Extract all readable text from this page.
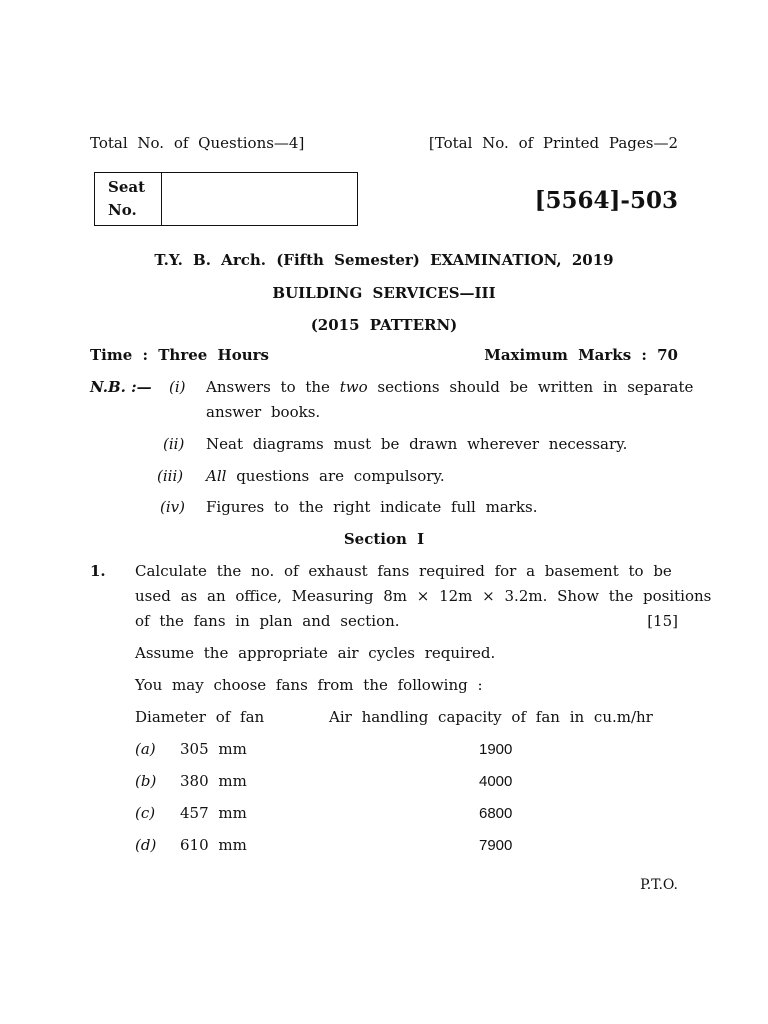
Total No. of Questions—4]	[Total No. of Printed Pages—2
Seat
No.	[5564]-503
T.Y. B. Arch. (Fifth Semester) EXAMINATION, 2019
BUILDING SERVICES—III
(2015 PATTERN)
Time : Three Hours	Maximum Marks : 70
N.B. :— (i) Answers to the two sections should be written in separate
answer books.
(ii) Neat diagrams must be drawn wherever necessary.
(iii) All questions are compulsory.
(iv) Figures to the right indicate full marks.
Section I
1. Calculate the no. of exhaust fans required for a basement to be
used as an office, Measuring 8m × 12m × 3.2m. Show the positions
of the fans in plan and section.	[15]
Assume the appropriate air cycles required.
You may choose fans from the following :
Diameter of fan	Air handling capacity of fan in cu.m/hr
(a) 305 mm	1900
(b) 380 mm	4000
(c) 457 mm	6800
(d) 610 mm	7900
P.T.O.
